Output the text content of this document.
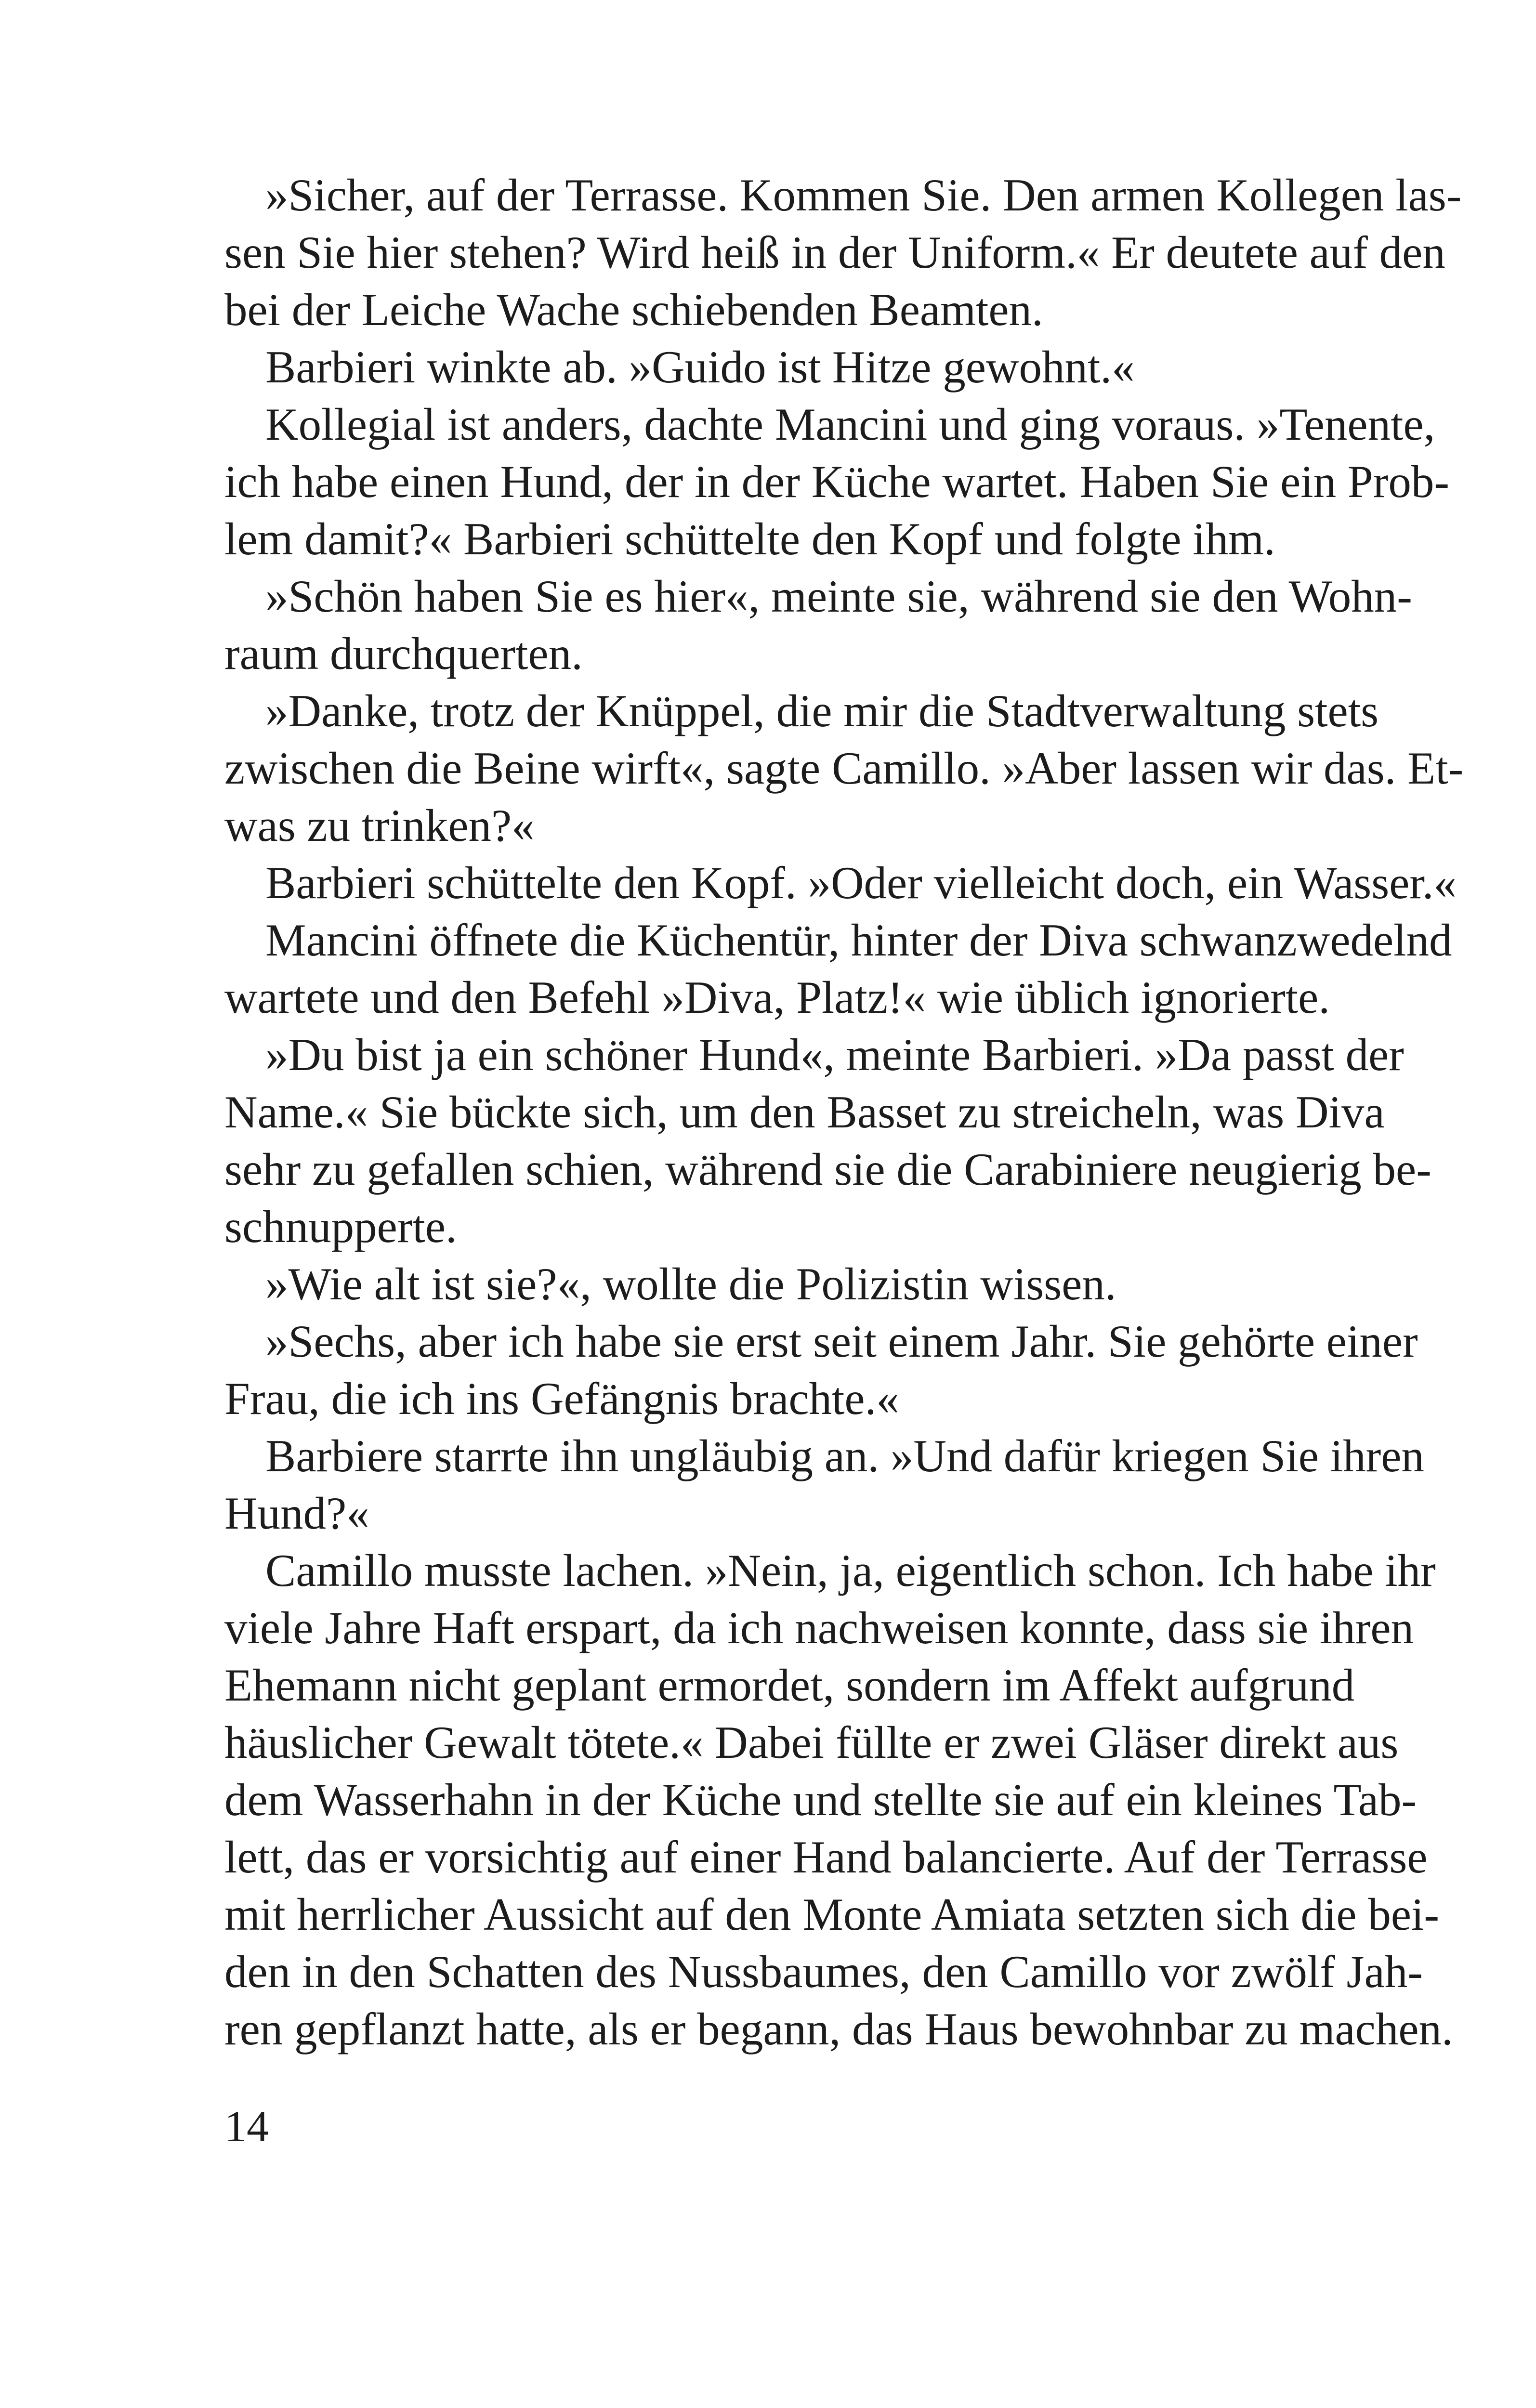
»Sicher, auf der Terrasse. Kommen Sie. Den armen Kollegen las-
sen Sie hier stehen? Wird heiß in der Uniform.« Er deutete auf den
bei der Leiche Wache schiebenden Beamten.
Barbieri winkte ab. »Guido ist Hitze gewohnt.«
Kollegial ist anders, dachte Mancini und ging voraus. »Tenente,
ich habe einen Hund, der in der Küche wartet. Haben Sie ein Prob-
lem damit?« Barbieri schüttelte den Kopf und folgte ihm.
»Schön haben Sie es hier«, meinte sie, während sie den Wohn-
raum durchquerten.
»Danke, trotz der Knüppel, die mir die Stadtverwaltung stets
zwischen die Beine wirft«, sagte Camillo. »Aber lassen wir das. Et-
was zu trinken?«
Barbieri schüttelte den Kopf. »Oder vielleicht doch, ein Wasser.«
Mancini öffnete die Küchentür, hinter der Diva schwanzwedelnd
wartete und den Befehl »Diva, Platz!« wie üblich ignorierte.
»Du bist ja ein schöner Hund«, meinte Barbieri. »Da passt der
Name.« Sie bückte sich, um den Basset zu streicheln, was Diva
sehr zu gefallen schien, während sie die Carabiniere neugierig be-
schnupperte.
»Wie alt ist sie?«, wollte die Polizistin wissen.
»Sechs, aber ich habe sie erst seit einem Jahr. Sie gehörte einer
Frau, die ich ins Gefängnis brachte.«
Barbiere starrte ihn ungläubig an. »Und dafür kriegen Sie ihren
Hund?«
Camillo musste lachen. »Nein, ja, eigentlich schon. Ich habe ihr
viele Jahre Haft erspart, da ich nachweisen konnte, dass sie ihren
Ehemann nicht geplant ermordet, sondern im Affekt aufgrund
häuslicher Gewalt tötete.« Dabei füllte er zwei Gläser direkt aus
dem Wasserhahn in der Küche und stellte sie auf ein kleines Tab-
lett, das er vorsichtig auf einer Hand balancierte. Auf der Terrasse
mit herrlicher Aussicht auf den Monte Amiata setzten sich die bei-
den in den Schatten des Nussbaumes, den Camillo vor zwölf Jah-
ren gepflanzt hatte, als er begann, das Haus bewohnbar zu machen.
14
